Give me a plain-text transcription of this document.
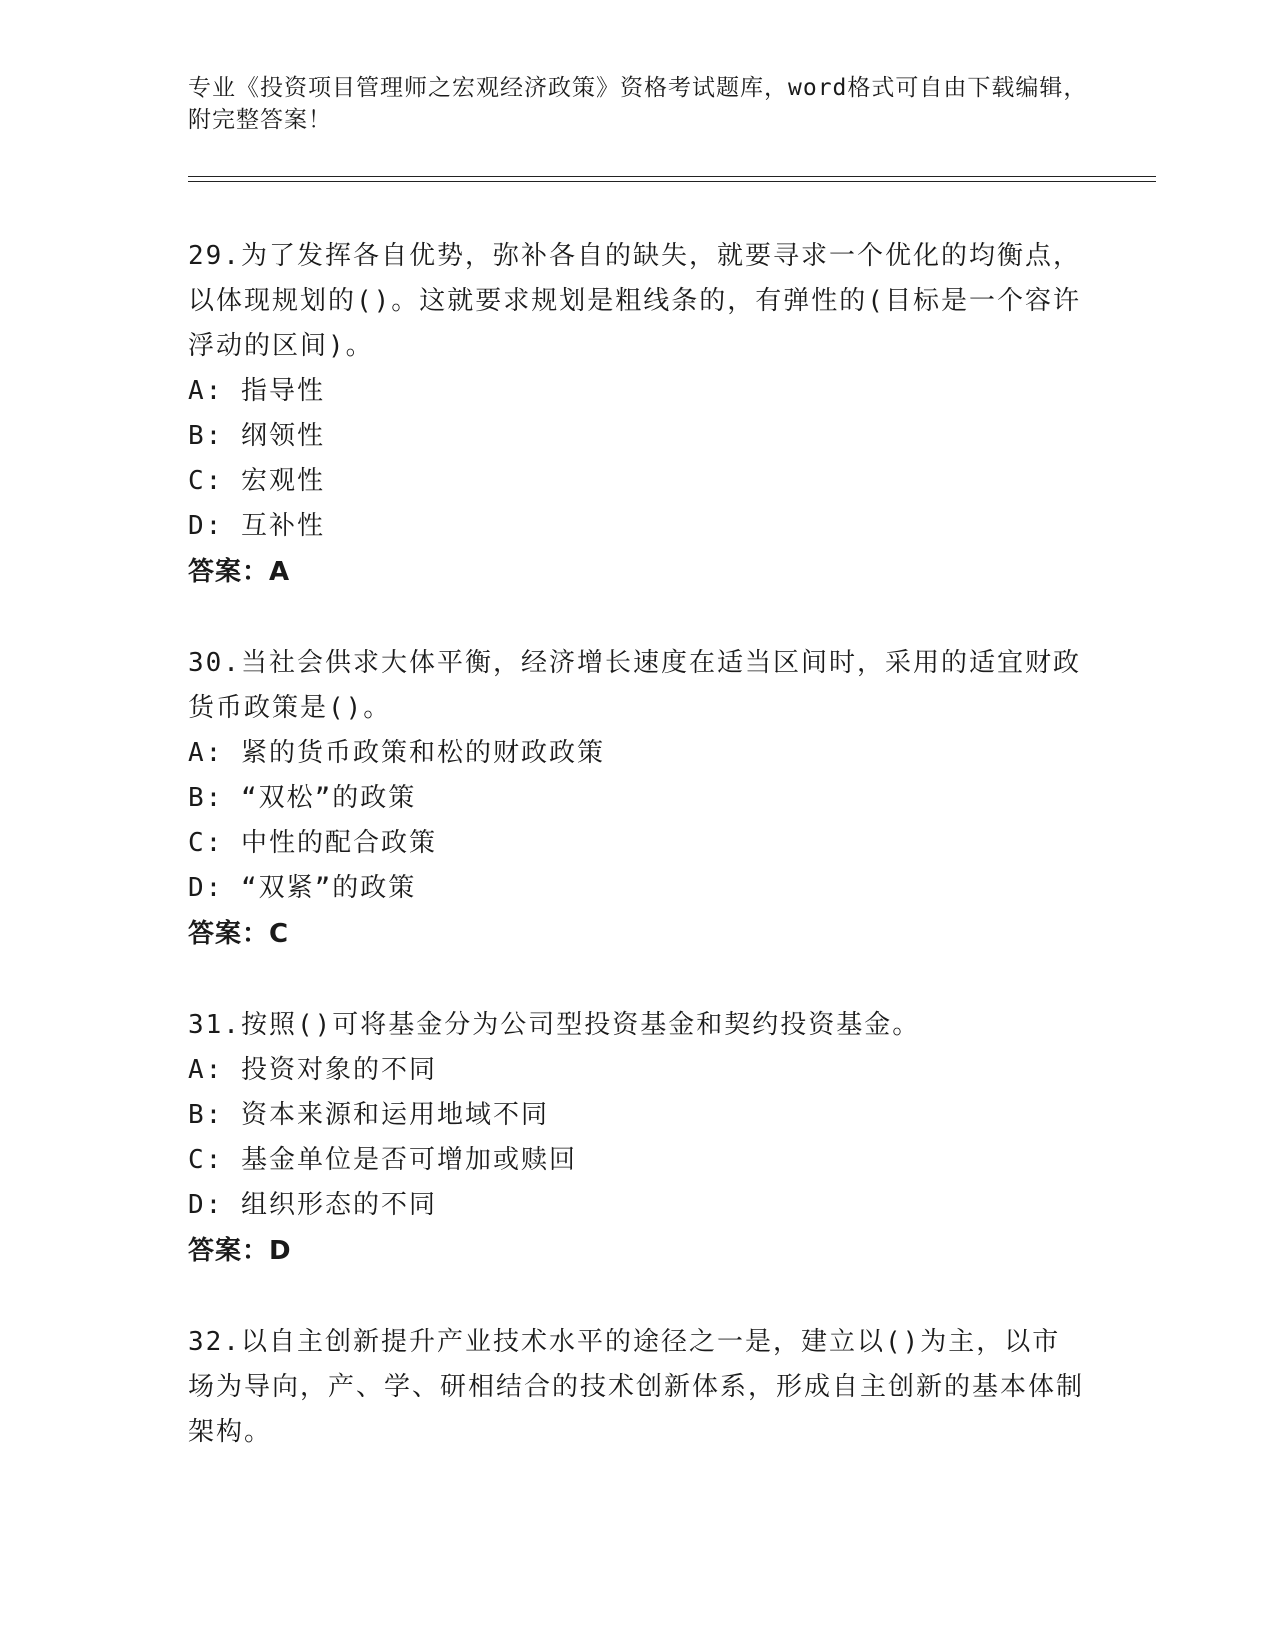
专业《投资项目管理师之宏观经济政策》资格考试题库，word格式可自由下载编辑，附完整答案！
29.为了发挥各自优势，弥补各自的缺失，就要寻求一个优化的均衡点，以体现规划的()。这就要求规划是粗线条的，有弹性的(目标是一个容许浮动的区间)。
A: 指导性
B: 纲领性
C: 宏观性
D: 互补性
答案：A
30.当社会供求大体平衡，经济增长速度在适当区间时，采用的适宜财政货币政策是()。
A: 紧的货币政策和松的财政政策
B: “双松”的政策
C: 中性的配合政策
D: “双紧”的政策
答案：C
31.按照()可将基金分为公司型投资基金和契约投资基金。
A: 投资对象的不同
B: 资本来源和运用地域不同
C: 基金单位是否可增加或赎回
D: 组织形态的不同
答案：D
32.以自主创新提升产业技术水平的途径之一是，建立以()为主，以市场为导向，产、学、研相结合的技术创新体系，形成自主创新的基本体制架构。
